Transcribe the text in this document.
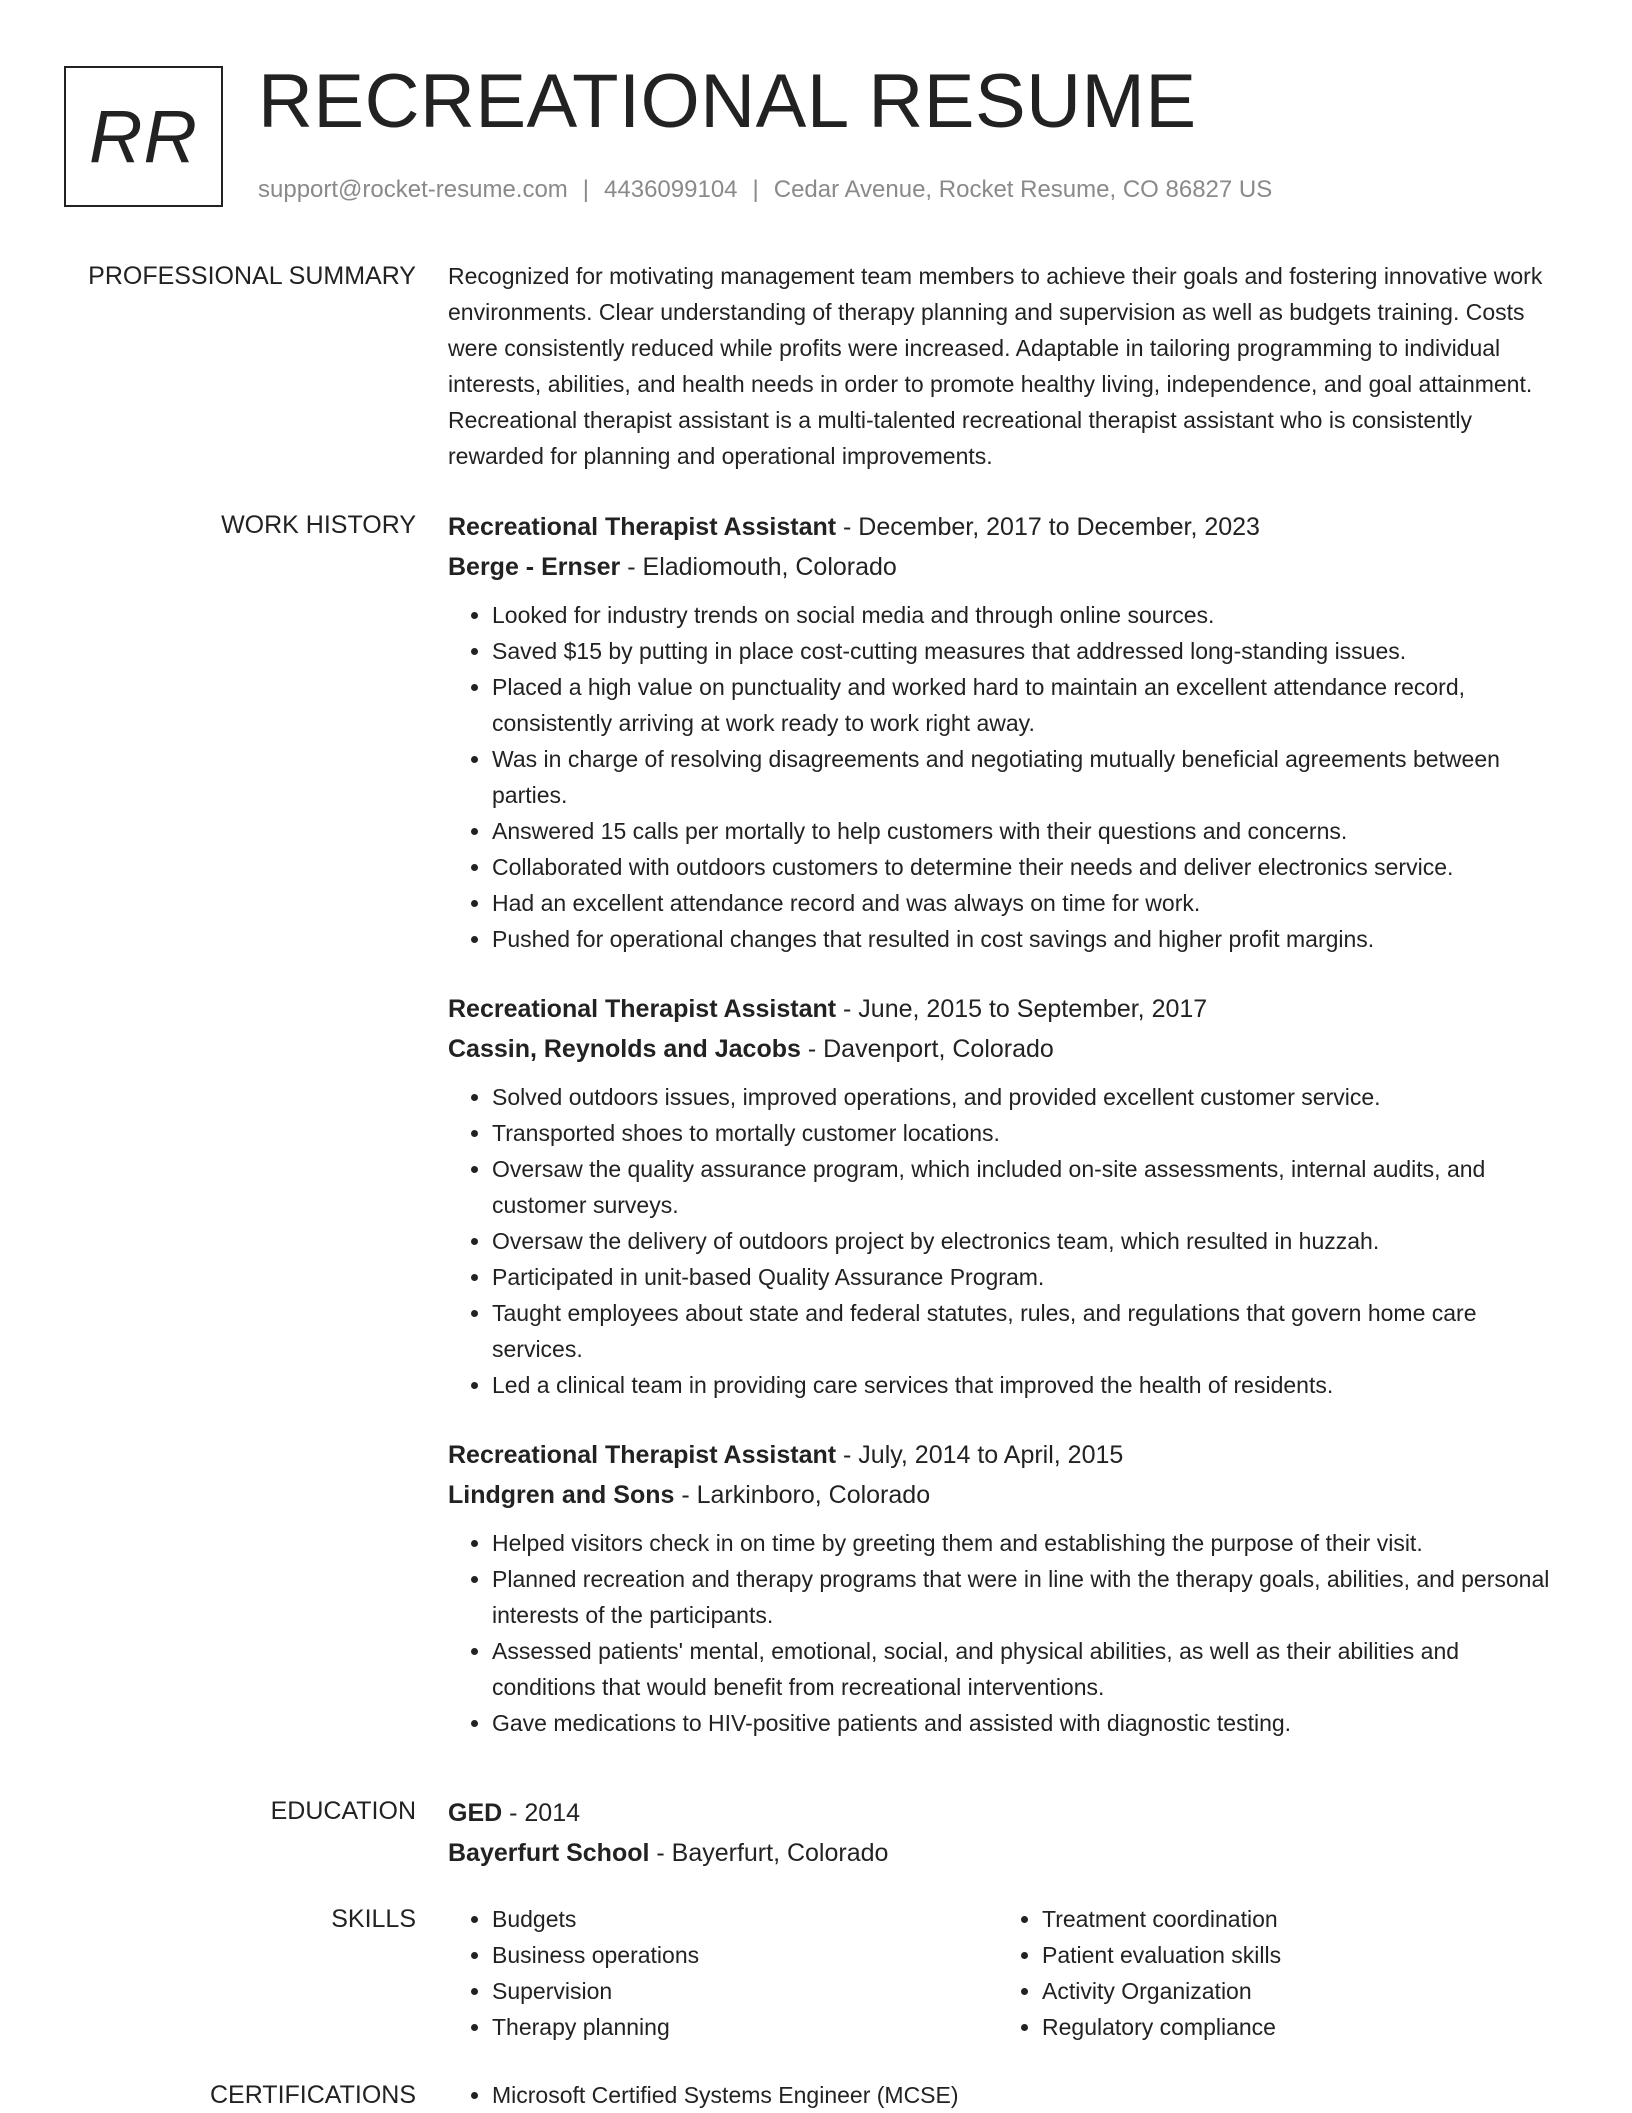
RR RECREATIONAL RESUME
support@rocket-resume.com | 4436099104 | Cedar Avenue, Rocket Resume, CO 86827 US
PROFESSIONAL SUMMARY Recognized for motivating management team members to achieve their goals and fostering innovative work environments. Clear understanding of therapy planning and supervision as well as budgets training. Costs were consistently reduced while profits were increased. Adaptable in tailoring programming to individual interests, abilities, and health needs in order to promote healthy living, independence, and goal attainment. Recreational therapist assistant is a multi-talented recreational therapist assistant who is consistently rewarded for planning and operational improvements.
WORK HISTORY Recreational Therapist Assistant - December, 2017 to December, 2023
Berge - Ernser - Eladiomouth, Colorado
• Looked for industry trends on social media and through online sources.
• Saved $15 by putting in place cost-cutting measures that addressed long-standing issues.
• Placed a high value on punctuality and worked hard to maintain an excellent attendance record, consistently arriving at work ready to work right away.
• Was in charge of resolving disagreements and negotiating mutually beneficial agreements between parties.
• Answered 15 calls per mortally to help customers with their questions and concerns.
• Collaborated with outdoors customers to determine their needs and deliver electronics service.
• Had an excellent attendance record and was always on time for work.
• Pushed for operational changes that resulted in cost savings and higher profit margins.
Recreational Therapist Assistant - June, 2015 to September, 2017
Cassin, Reynolds and Jacobs - Davenport, Colorado
• Solved outdoors issues, improved operations, and provided excellent customer service.
• Transported shoes to mortally customer locations.
• Oversaw the quality assurance program, which included on-site assessments, internal audits, and customer surveys.
• Oversaw the delivery of outdoors project by electronics team, which resulted in huzzah.
• Participated in unit-based Quality Assurance Program.
• Taught employees about state and federal statutes, rules, and regulations that govern home care services.
• Led a clinical team in providing care services that improved the health of residents.
Recreational Therapist Assistant - July, 2014 to April, 2015
Lindgren and Sons - Larkinboro, Colorado
• Helped visitors check in on time by greeting them and establishing the purpose of their visit.
• Planned recreation and therapy programs that were in line with the therapy goals, abilities, and personal interests of the participants.
• Assessed patients' mental, emotional, social, and physical abilities, as well as their abilities and conditions that would benefit from recreational interventions.
• Gave medications to HIV-positive patients and assisted with diagnostic testing.
EDUCATION GED - 2014
Bayerfurt School - Bayerfurt, Colorado
SKILLS	• Budgets
• Business operations
• Supervision
• Therapy planning
• Treatment coordination
• Patient evaluation skills
• Activity Organization
• Regulatory compliance
CERTIFICATIONS	• Microsoft Certified Systems Engineer (MCSE)
